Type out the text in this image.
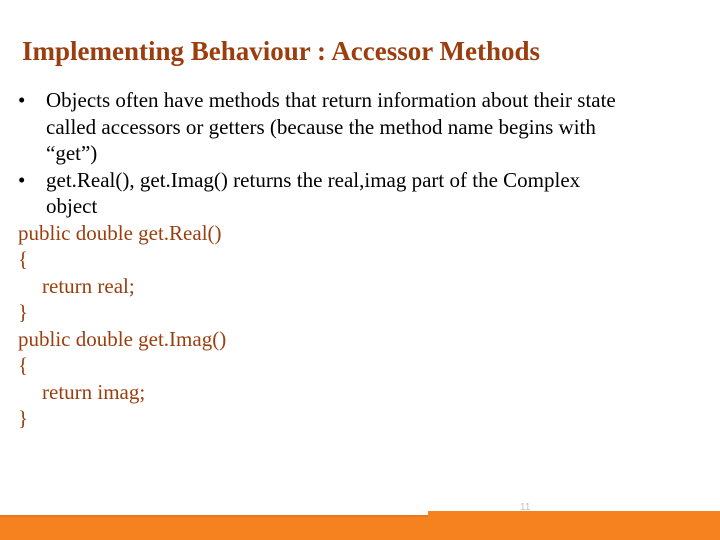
Implementing Behaviour : Accessor Methods
• Objects often have methods that return information about their state called accessors or getters (because the method name begins with “get”)
• get.Real(), get.Imag() returns the real,imag part of the Complex object
public double get.Real()
{
return real;
}
public double get.Imag()
{
return imag;
}
11
